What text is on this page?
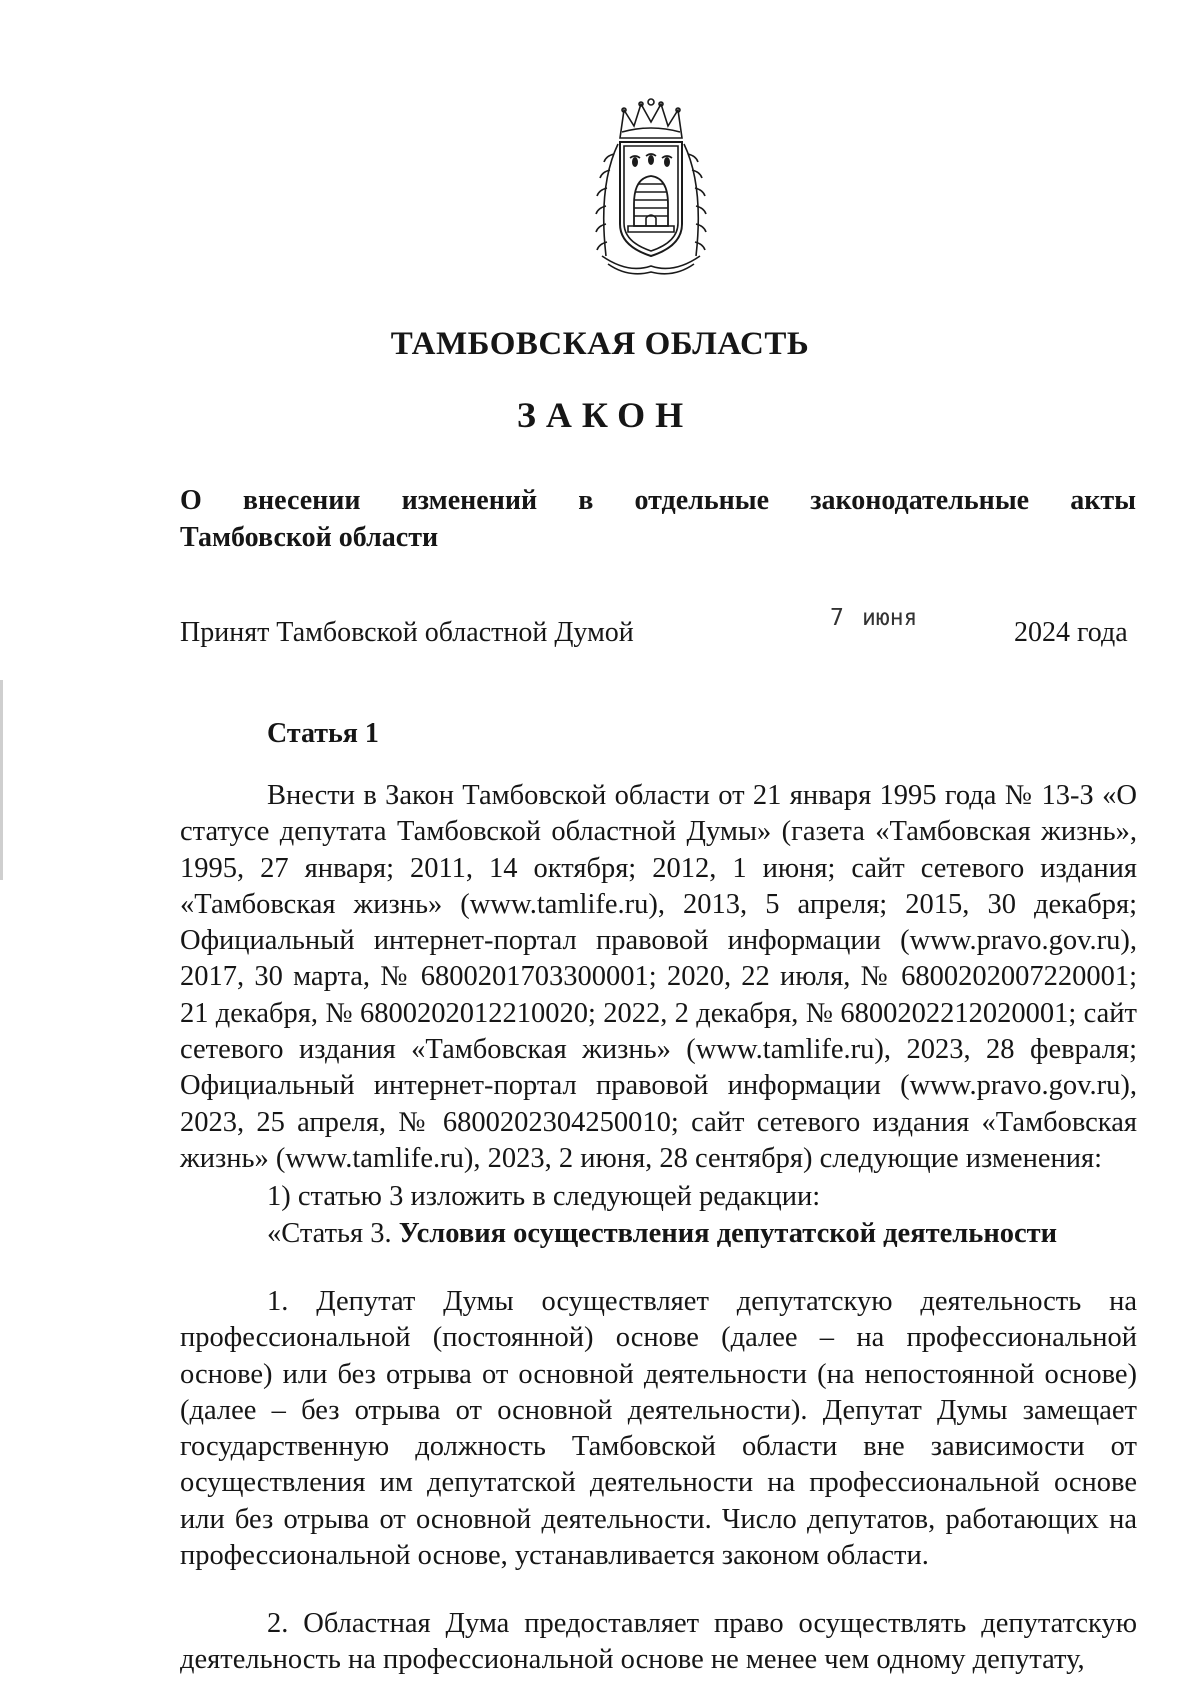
ТАМБОВСКАЯ ОБЛАСТЬ
ЗАКОН
О внесении изменений в отдельные законодательные акты
Тамбовской области
Принят Тамбовской областной Думой	7 июня	2024 года
Статья 1

Внести в Закон Тамбовской области от 21 января 1995 года № 13-З «О статусе депутата Тамбовской областной Думы» (газета «Тамбовская жизнь», 1995, 27 января; 2011, 14 октября; 2012, 1 июня; сайт сетевого издания «Тамбовская жизнь» (www.tamlife.ru), 2013, 5 апреля; 2015, 30 декабря; Официальный интернет-портал правовой информации (www.pravo.gov.ru), 2017, 30 марта, № 6800201703300001; 2020, 22 июля, № 6800202007220001; 21 декабря, № 6800202012210020; 2022, 2 декабря, № 6800202212020001; сайт сетевого издания «Тамбовская жизнь» (www.tamlife.ru), 2023, 28 февраля; Официальный интернет-портал правовой информации (www.pravo.gov.ru), 2023, 25 апреля, № 6800202304250010; сайт сетевого издания «Тамбовская жизнь» (www.tamlife.ru), 2023, 2 июня, 28 сентября) следующие изменения:

1) статью 3 изложить в следующей редакции:

«Статья 3. Условия осуществления депутатской деятельности

1. Депутат Думы осуществляет депутатскую деятельность на профессиональной (постоянной) основе (далее – на профессиональной основе) или без отрыва от основной деятельности (на непостоянной основе) (далее – без отрыва от основной деятельности). Депутат Думы замещает государственную должность Тамбовской области вне зависимости от осуществления им депутатской деятельности на профессиональной основе или без отрыва от основной деятельности. Число депутатов, работающих на профессиональной основе, устанавливается законом области.

2. Областная Дума предоставляет право осуществлять депутатскую деятельность на профессиональной основе не менее чем одному депутату,
